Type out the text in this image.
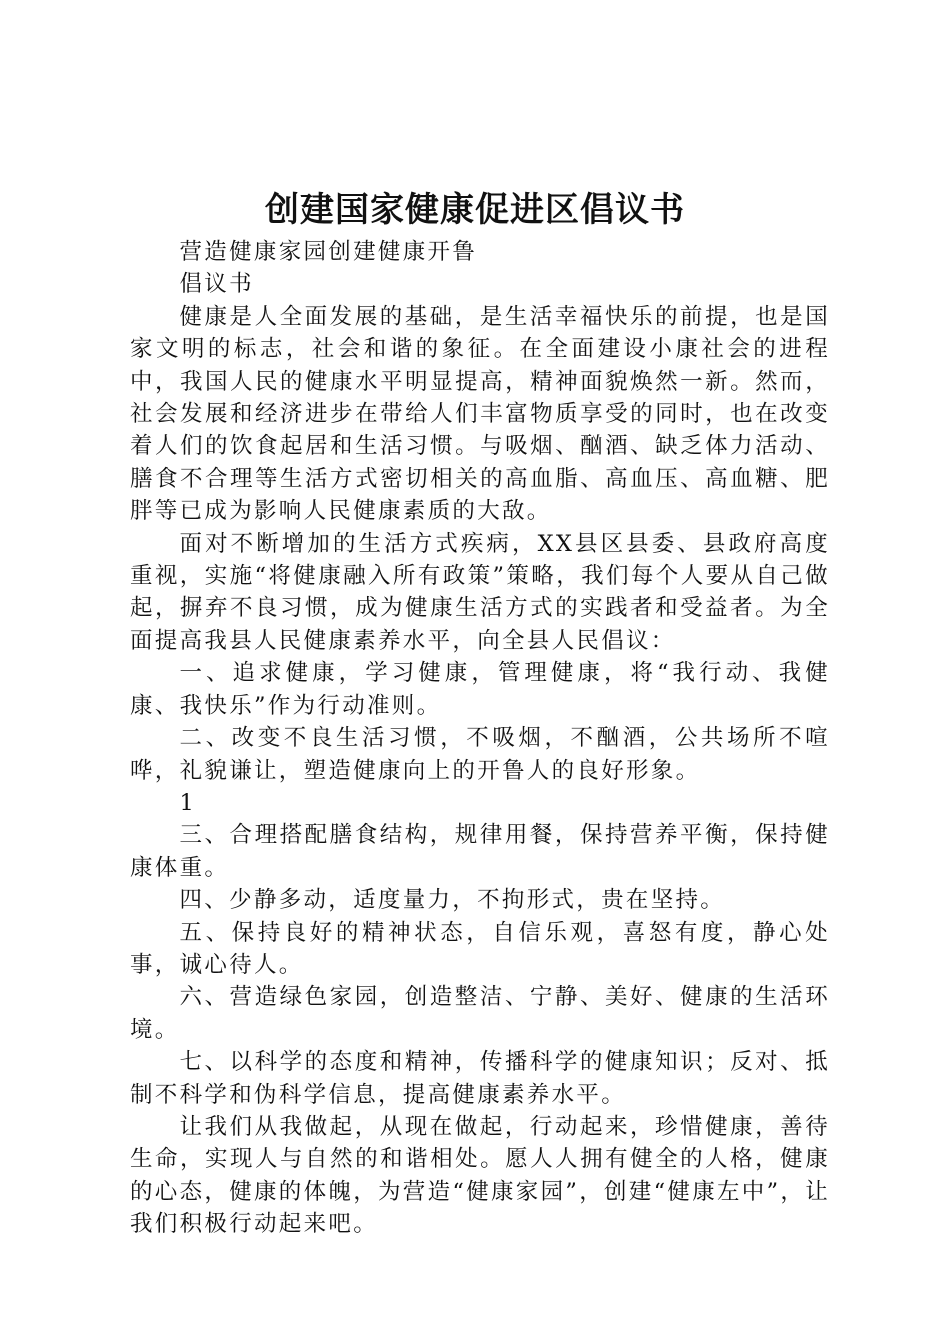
创建国家健康促进区倡议书

营造健康家园创建健康开鲁

倡议书

健康是人全面发展的基础，是生活幸福快乐的前提，也是国家文明的标志，社会和谐的象征。在全面建设小康社会的进程中，我国人民的健康水平明显提高，精神面貌焕然一新。然而，社会发展和经济进步在带给人们丰富物质享受的同时，也在改变着人们的饮食起居和生活习惯。与吸烟、酗酒、缺乏体力活动、膳食不合理等生活方式密切相关的高血脂、高血压、高血糖、肥胖等已成为影响人民健康素质的大敌。

面对不断增加的生活方式疾病，XX县区县委、县政府高度重视，实施“将健康融入所有政策”策略，我们每个人要从自己做起，摒弃不良习惯，成为健康生活方式的实践者和受益者。为全面提高我县人民健康素养水平，向全县人民倡议：

一、追求健康，学习健康，管理健康，将“我行动、我健康、我快乐”作为行动准则。

二、改变不良生活习惯，不吸烟，不酗酒，公共场所不喧哗，礼貌谦让，塑造健康向上的开鲁人的良好形象。

1

三、合理搭配膳食结构，规律用餐，保持营养平衡，保持健康体重。

四、少静多动，适度量力，不拘形式，贵在坚持。

五、保持良好的精神状态，自信乐观，喜怒有度，静心处事，诚心待人。

六、营造绿色家园，创造整洁、宁静、美好、健康的生活环境。

七、以科学的态度和精神，传播科学的健康知识；反对、抵制不科学和伪科学信息，提高健康素养水平。

让我们从我做起，从现在做起，行动起来，珍惜健康，善待生命，实现人与自然的和谐相处。愿人人拥有健全的人格，健康的心态，健康的体魄，为营造“健康家园”，创建“健康左中”，让我们积极行动起来吧。
